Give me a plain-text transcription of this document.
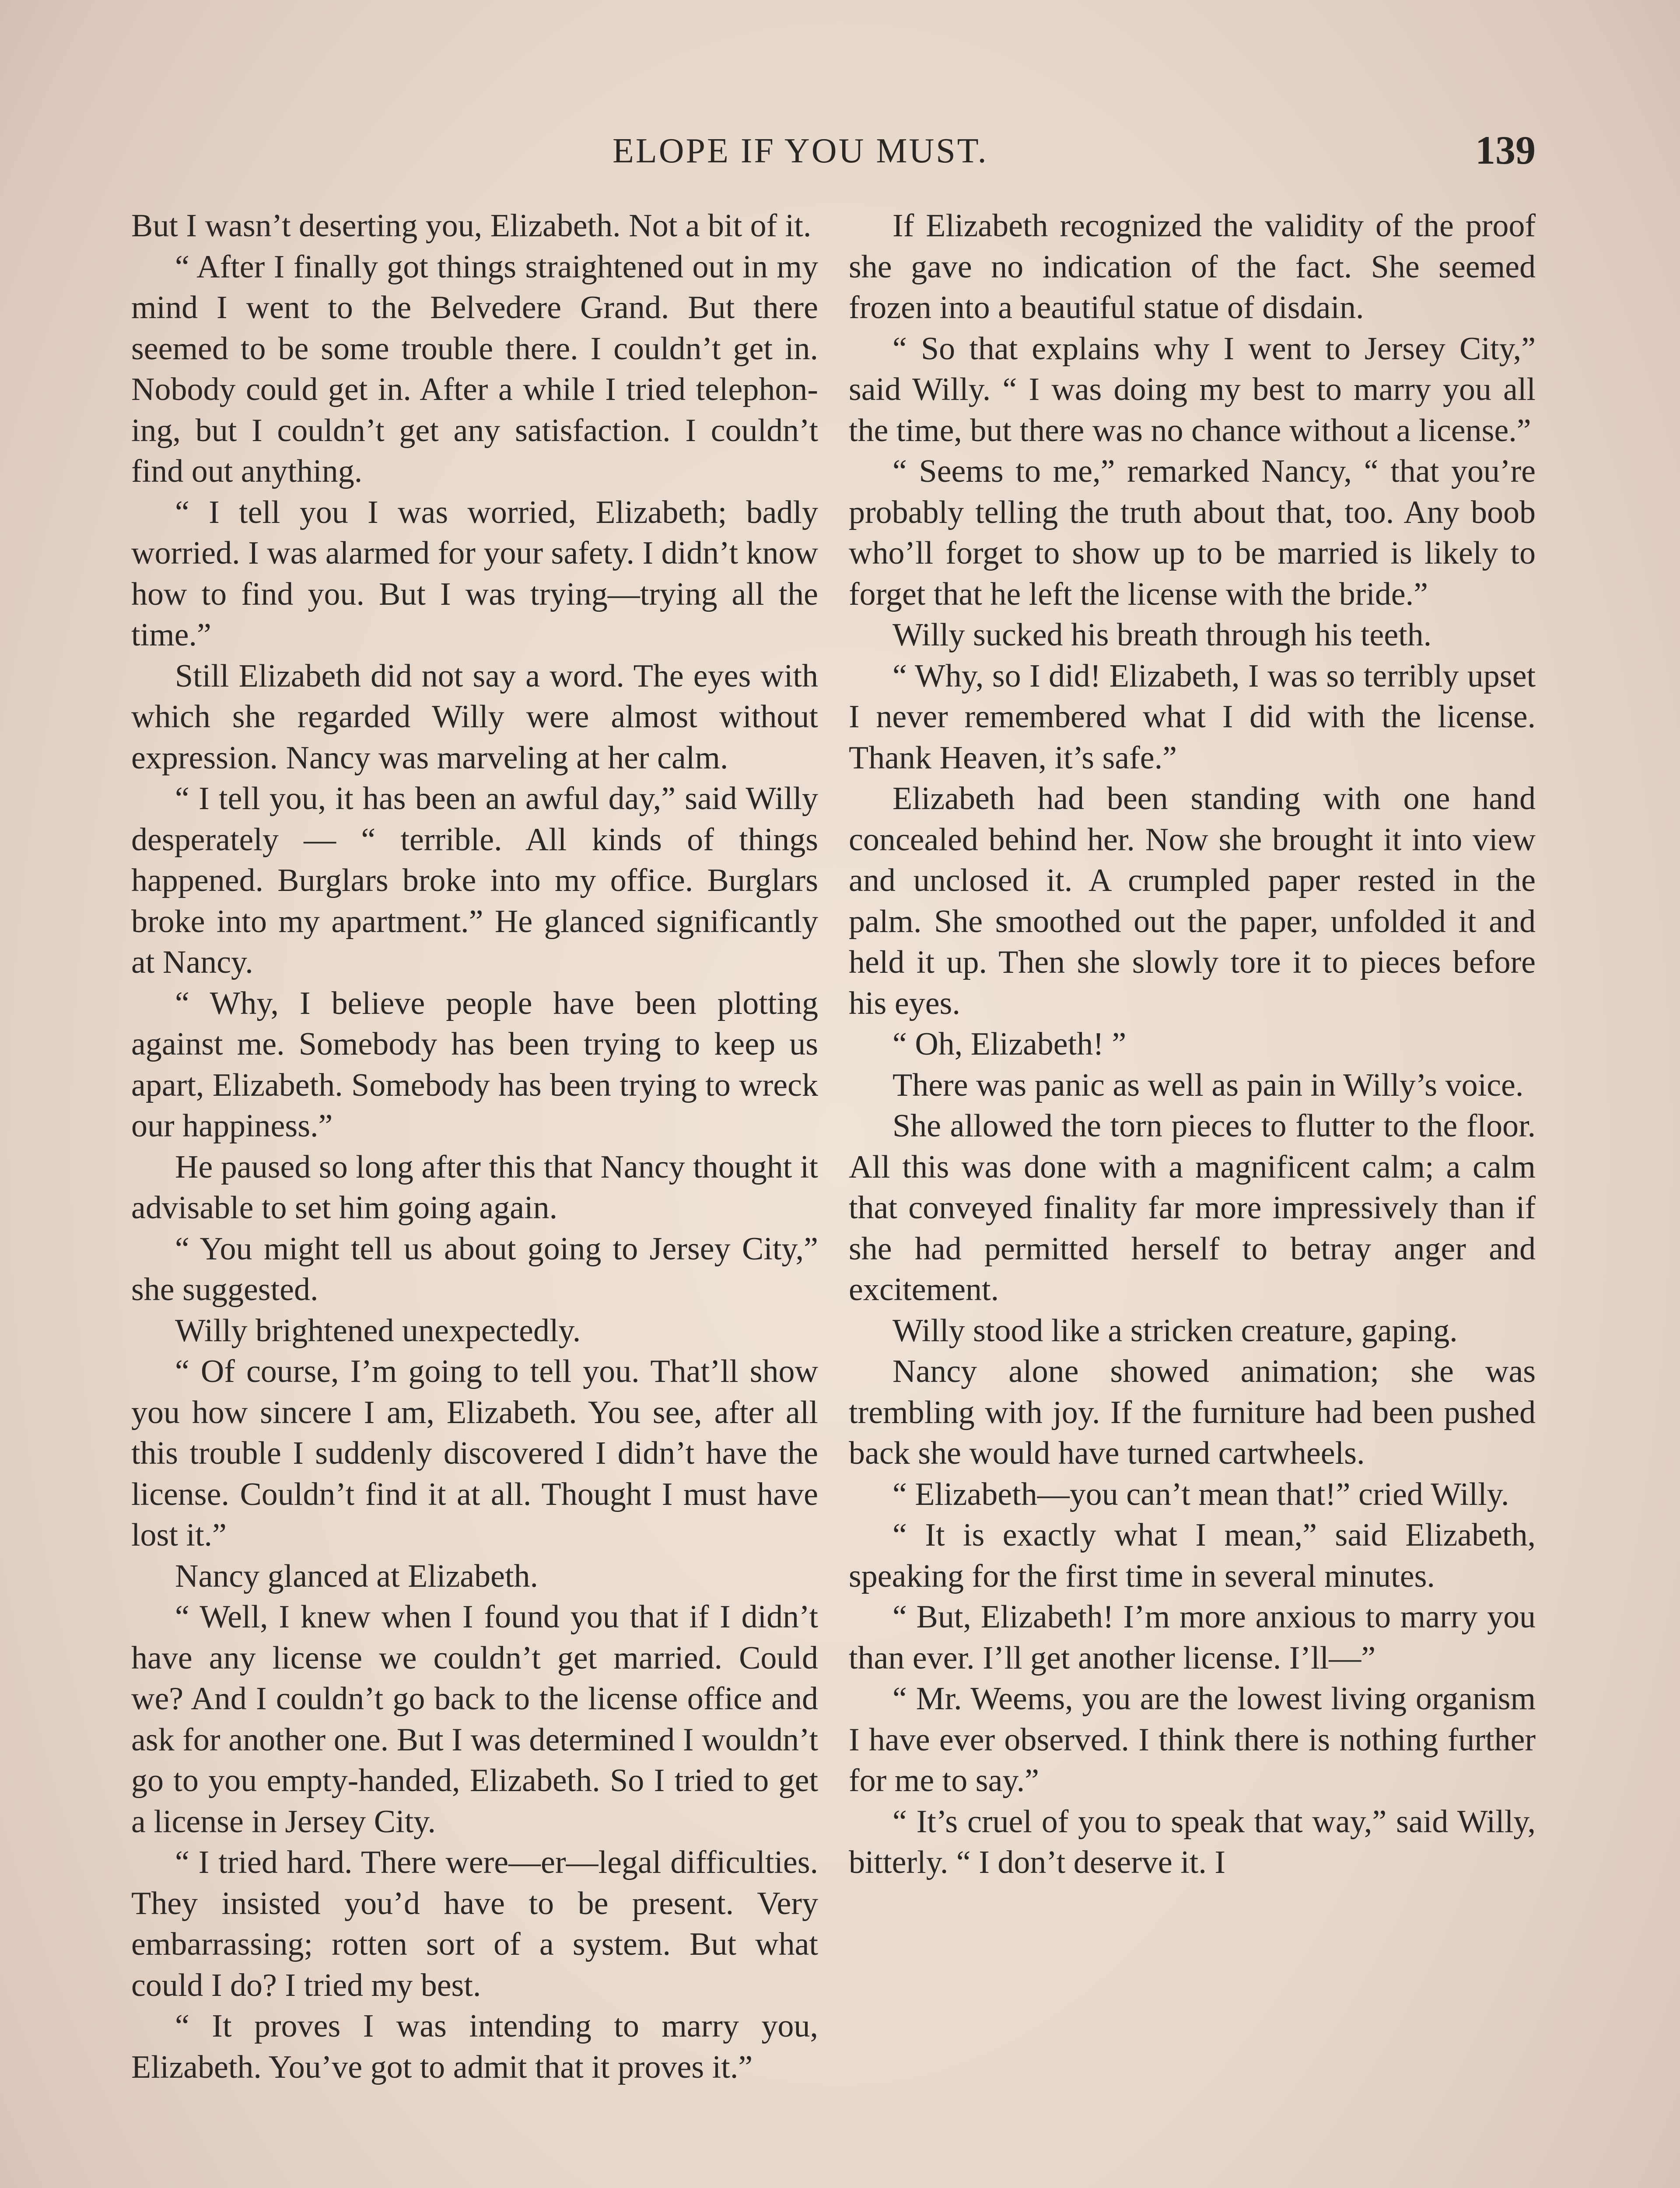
ELOPE IF YOU MUST.	139

But I wasn’t deserting you, Elizabeth. Not a bit of it.

“ After I finally got things straightened out in my mind I went to the Belvedere Grand. But there seemed to be some trouble there. I couldn’t get in. Nobody could get in. After a while I tried telephoning, but I couldn’t get any satisfaction. I couldn’t find out anything.

“ I tell you I was worried, Elizabeth; badly worried. I was alarmed for your safety. I didn’t know how to find you. But I was trying—trying all the time.”

Still Elizabeth did not say a word. The eyes with which she regarded Willy were almost without expression. Nancy was marveling at her calm.

“ I tell you, it has been an awful day,” said Willy desperately — “ terrible. All kinds of things happened. Burglars broke into my office. Burglars broke into my apartment.” He glanced significantly at Nancy.

“ Why, I believe people have been plotting against me. Somebody has been trying to keep us apart, Elizabeth. Somebody has been trying to wreck our happiness.”

He paused so long after this that Nancy thought it advisable to set him going again.

“ You might tell us about going to Jersey City,” she suggested.

Willy brightened unexpectedly.

“ Of course, I’m going to tell you. That’ll show you how sincere I am, Elizabeth. You see, after all this trouble I suddenly discovered I didn’t have the license. Couldn’t find it at all. Thought I must have lost it.”

Nancy glanced at Elizabeth.

“ Well, I knew when I found you that if I didn’t have any license we couldn’t get married. Could we? And I couldn’t go back to the license office and ask for another one. But I was determined I wouldn’t go to you empty-handed, Elizabeth. So I tried to get a license in Jersey City.

“ I tried hard. There were—er—legal difficulties. They insisted you’d have to be present. Very embarrassing; rotten sort of a system. But what could I do? I tried my best.

“ It proves I was intending to marry you, Elizabeth. You’ve got to admit that it proves it.”

If Elizabeth recognized the validity of the proof she gave no indication of the fact. She seemed frozen into a beautiful statue of disdain.

“ So that explains why I went to Jersey City,” said Willy. “ I was doing my best to marry you all the time, but there was no chance without a license.”

“ Seems to me,” remarked Nancy, “ that you’re probably telling the truth about that, too. Any boob who’ll forget to show up to be married is likely to forget that he left the license with the bride.”

Willy sucked his breath through his teeth.

“ Why, so I did! Elizabeth, I was so terribly upset I never remembered what I did with the license. Thank Heaven, it’s safe.”

Elizabeth had been standing with one hand concealed behind her. Now she brought it into view and unclosed it. A crumpled paper rested in the palm. She smoothed out the paper, unfolded it and held it up. Then she slowly tore it to pieces before his eyes.

“ Oh, Elizabeth! ”

There was panic as well as pain in Willy’s voice.

She allowed the torn pieces to flutter to the floor. All this was done with a magnificent calm; a calm that conveyed finality far more impressively than if she had permitted herself to betray anger and excitement.

Willy stood like a stricken creature, gaping.

Nancy alone showed animation; she was trembling with joy. If the furniture had been pushed back she would have turned cartwheels.

“ Elizabeth—you can’t mean that!” cried Willy.

“ It is exactly what I mean,” said Elizabeth, speaking for the first time in several minutes.

“ But, Elizabeth! I’m more anxious to marry you than ever. I’ll get another license. I’ll—”

“ Mr. Weems, you are the lowest living organism I have ever observed. I think there is nothing further for me to say.”

“ It’s cruel of you to speak that way,” said Willy, bitterly. “ I don’t deserve it. I
